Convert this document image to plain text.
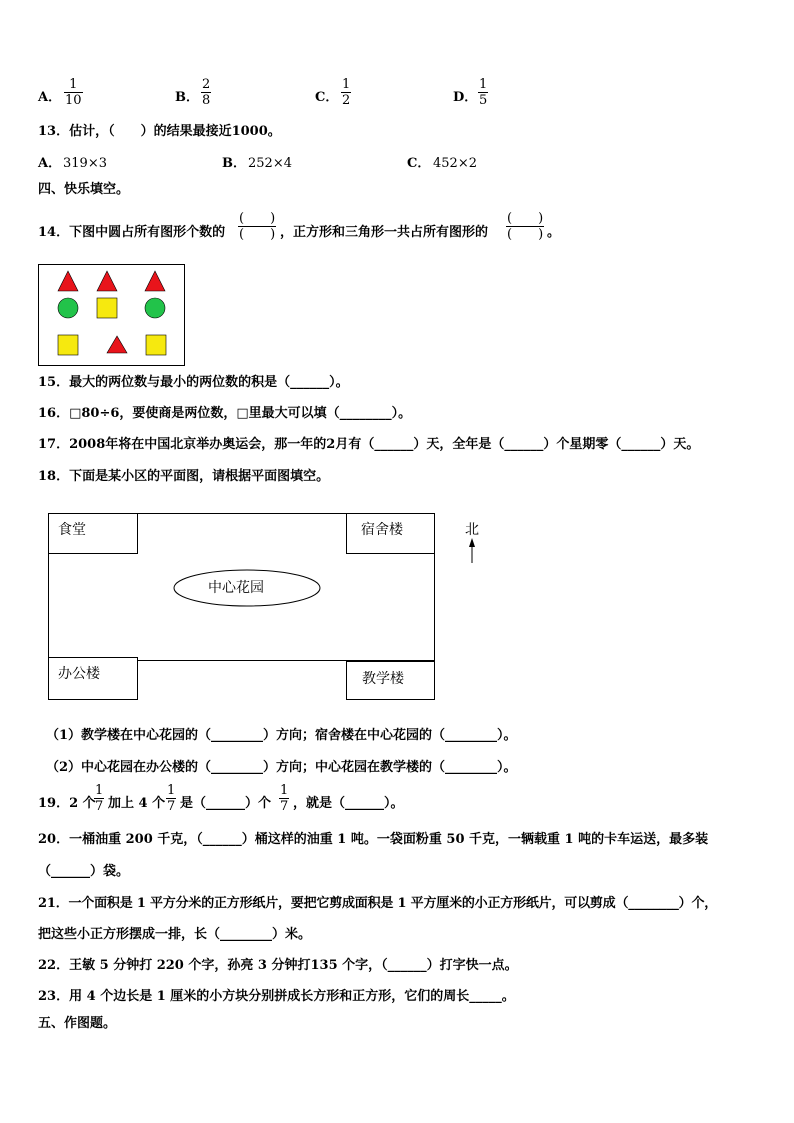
A．
1
10	B．
2
8	C．
1
2	D．
1
5
13．估计，（　　）的结果最接近1000。
A． 319×3	B． 252×4	C． 452×2
四、快乐填空。
14．下图中圆占所有图形个数的
(　　)
(　　) ，正方形和三角形一共占所有图形的
(　　)
(　　) 。
15．最大的两位数与最小的两位数的积是（______）。
16．□80÷6，要使商是两位数，□里最大可以填（________）。
17．2008年将在中国北京举办奥运会，那一年的2月有（______）天，全年是（______）个星期零（______）天。
18．下面是某小区的平面图，请根据平面图填空。
食堂	宿舍楼
中心花园
办公楼	教学楼
北
（1）教学楼在中心花园的（________）方向；宿舍楼在中心花园的（________）。
（2）中心花园在办公楼的（________）方向；中心花园在教学楼的（________）。
19．2 个
1
7 加上 4 个
1
7 是（______）个
1
7 ，就是（______）。
20．一桶油重 200 千克，（______）桶这样的油重 1 吨。一袋面粉重 50 千克，一辆载重 1 吨的卡车运送，最多装
（______）袋。
21．一个面积是 1 平方分米的正方形纸片，要把它剪成面积是 1 平方厘米的小正方形纸片，可以剪成（________）个，
把这些小正方形摆成一排，长（________）米。
22．王敏 5 分钟打 220 个字，孙亮 3 分钟打135 个字，（______）打字快一点。
23．用 4 个边长是 1 厘米的小方块分别拼成长方形和正方形，它们的周长_____。
五、作图题。
